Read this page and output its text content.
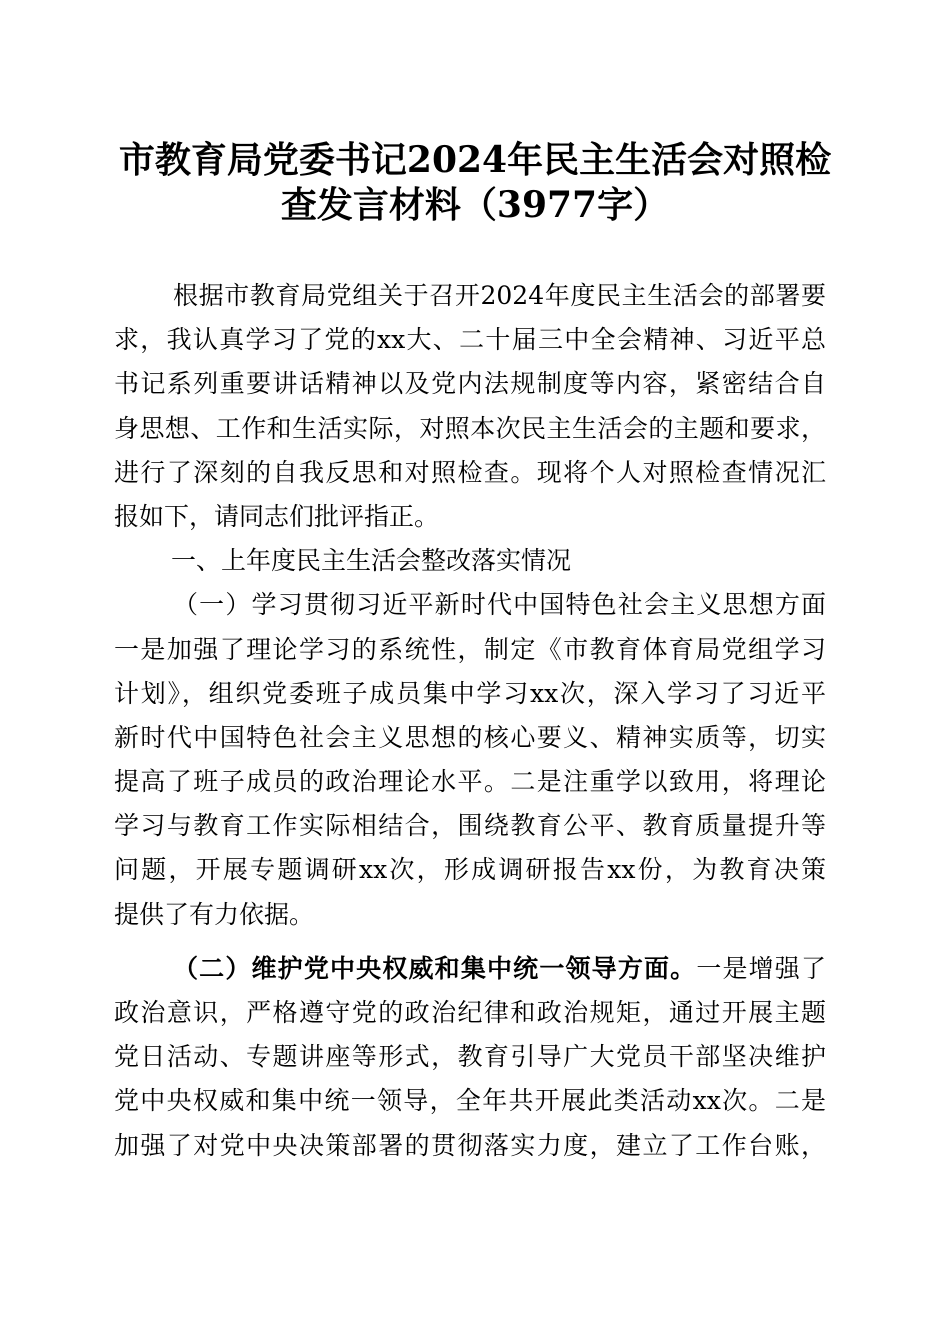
市教育局党委书记2024年民主生活会对照检
查发言材料（3977字）
根据市教育局党组关于召开2024年度民主生活会的部署要
求，我认真学习了党的xx大、二十届三中全会精神、习近平总
书记系列重要讲话精神以及党内法规制度等内容，紧密结合自
身思想、工作和生活实际，对照本次民主生活会的主题和要求，
进行了深刻的自我反思和对照检查。现将个人对照检查情况汇
报如下，请同志们批评指正。
一、上年度民主生活会整改落实情况
（一）学习贯彻习近平新时代中国特色社会主义思想方面
一是加强了理论学习的系统性，制定《市教育体育局党组学习
计划》，组织党委班子成员集中学习xx次，深入学习了习近平
新时代中国特色社会主义思想的核心要义、精神实质等，切实
提高了班子成员的政治理论水平。二是注重学以致用，将理论
学习与教育工作实际相结合，围绕教育公平、教育质量提升等
问题，开展专题调研xx次，形成调研报告xx份，为教育决策
提供了有力依据。
（二）维护党中央权威和集中统一领导方面。一是增强了
政治意识，严格遵守党的政治纪律和政治规矩，通过开展主题
党日活动、专题讲座等形式，教育引导广大党员干部坚决维护
党中央权威和集中统一领导，全年共开展此类活动xx次。二是
加强了对党中央决策部署的贯彻落实力度，建立了工作台账，
